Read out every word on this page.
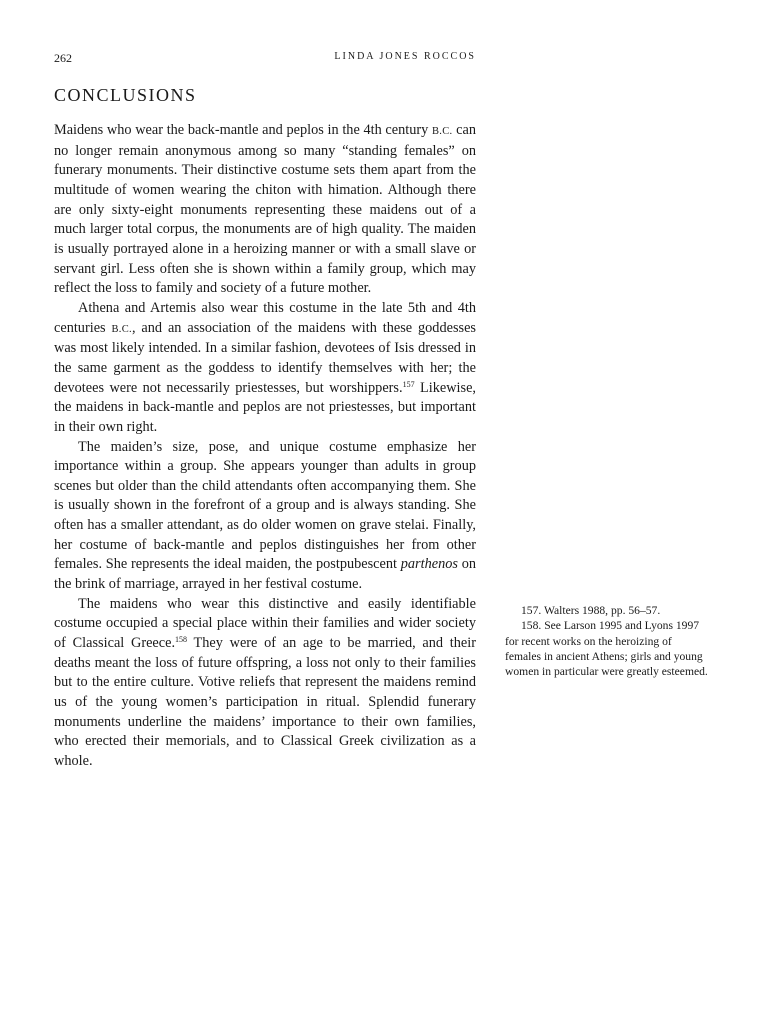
262	LINDA JONES ROCCOS
CONCLUSIONS

Maidens who wear the back-mantle and peplos in the 4th century B.C. can no longer remain anonymous among so many “standing females” on funerary monuments. Their distinctive costume sets them apart from the multitude of women wearing the chiton with himation. Although there are only sixty-eight monuments representing these maidens out of a much larger total corpus, the monuments are of high quality. The maiden is usually portrayed alone in a heroizing manner or with a small slave or servant girl. Less often she is shown within a family group, which may reflect the loss to family and society of a future mother.

Athena and Artemis also wear this costume in the late 5th and 4th centuries B.C., and an association of the maidens with these goddesses was most likely intended. In a similar fashion, devotees of Isis dressed in the same garment as the goddess to identify themselves with her; the devotees were not necessarily priestesses, but worshippers.$^{157}$ Likewise, the maidens in back-mantle and peplos are not priestesses, but important in their own right.

The maiden’s size, pose, and unique costume emphasize her importance within a group. She appears younger than adults in group scenes but older than the child attendants often accompanying them. She is usually shown in the forefront of a group and is always standing. She often has a smaller attendant, as do older women on grave stelai. Finally, her costume of back-mantle and peplos distinguishes her from other females. She represents the ideal maiden, the postpubescent parthenos on the brink of marriage, arrayed in her festival costume.

The maidens who wear this distinctive and easily identifiable costume occupied a special place within their families and wider society of Classical Greece.$^{158}$ They were of an age to be married, and their deaths meant the loss of future offspring, a loss not only to their families but to the entire culture. Votive reliefs that represent the maidens remind us of the young women’s participation in ritual. Splendid funerary monuments underline the maidens’ importance to their own families, who erected their memorials, and to Classical Greek civilization as a whole.

157. Walters 1988, pp. 56–57.

158. See Larson 1995 and Lyons 1997 for recent works on the heroizing of females in ancient Athens; girls and young women in particular were greatly esteemed.
